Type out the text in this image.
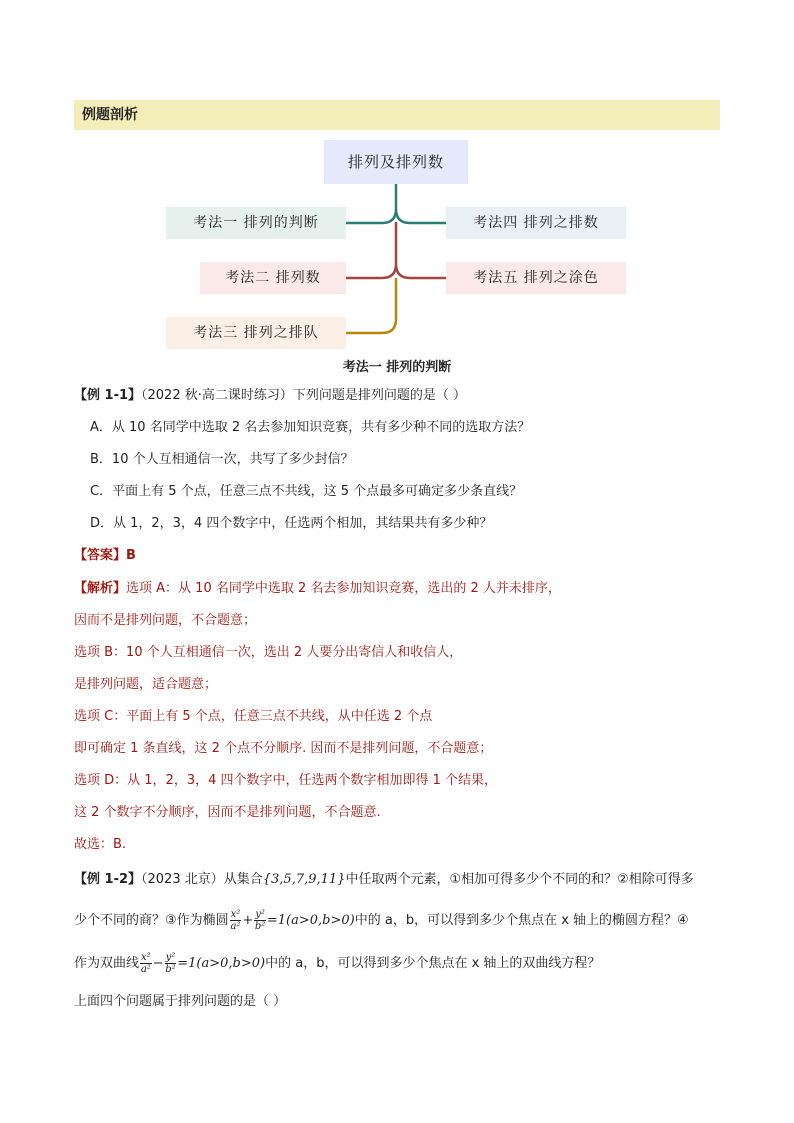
例题剖析
排列及排列数
考法一 排列的判断
考法二 排列数
考法三 排列之排队
考法四 排列之排数
考法五 排列之涂色
考法一 排列的判断
【例 1-1】（2022 秋·高二课时练习）下列问题是排列问题的是（ ）
A．从 10 名同学中选取 2 名去参加知识竞赛，共有多少种不同的选取方法？
B．10 个人互相通信一次，共写了多少封信？
C．平面上有 5 个点，任意三点不共线，这 5 个点最多可确定多少条直线？
D．从 1，2，3，4 四个数字中，任选两个相加，其结果共有多少种？
【答案】B
【解析】选项 A：从 10 名同学中选取 2 名去参加知识竞赛，选出的 2 人并未排序，
因而不是排列问题，不合题意；
选项 B：10 个人互相通信一次，选出 2 人要分出寄信人和收信人，
是排列问题，适合题意；
选项 C：平面上有 5 个点，任意三点不共线，从中任选 2 个点
即可确定 1 条直线，这 2 个点不分顺序. 因而不是排列问题，不合题意；
选项 D：从 1，2，3，4 四个数字中，任选两个数字相加即得 1 个结果，
这 2 个数字不分顺序，因而不是排列问题，不合题意.
故选：B.
【例 1-2】（2023 北京）从集合{3,5,7,9,11}中任取两个元素，①相加可得多少个不同的和？②相除可得多
少个不同的商？③作为椭圆 $\frac{\text{x²}}{\text{a²}} + \frac{\text{y²}}{\text{b²}} =1(a>0,b>0)$中的 a，b，可以得到多少个焦点在 x 轴上的椭圆方程？④
作为双曲线 $\frac{\text{x²}}{\text{a²}} - \frac{\text{y²}}{\text{b²}} =1(a>0,b>0)$中的 a，b，可以得到多少个焦点在 x 轴上的双曲线方程？
上面四个问题属于排列问题的是（ ）
